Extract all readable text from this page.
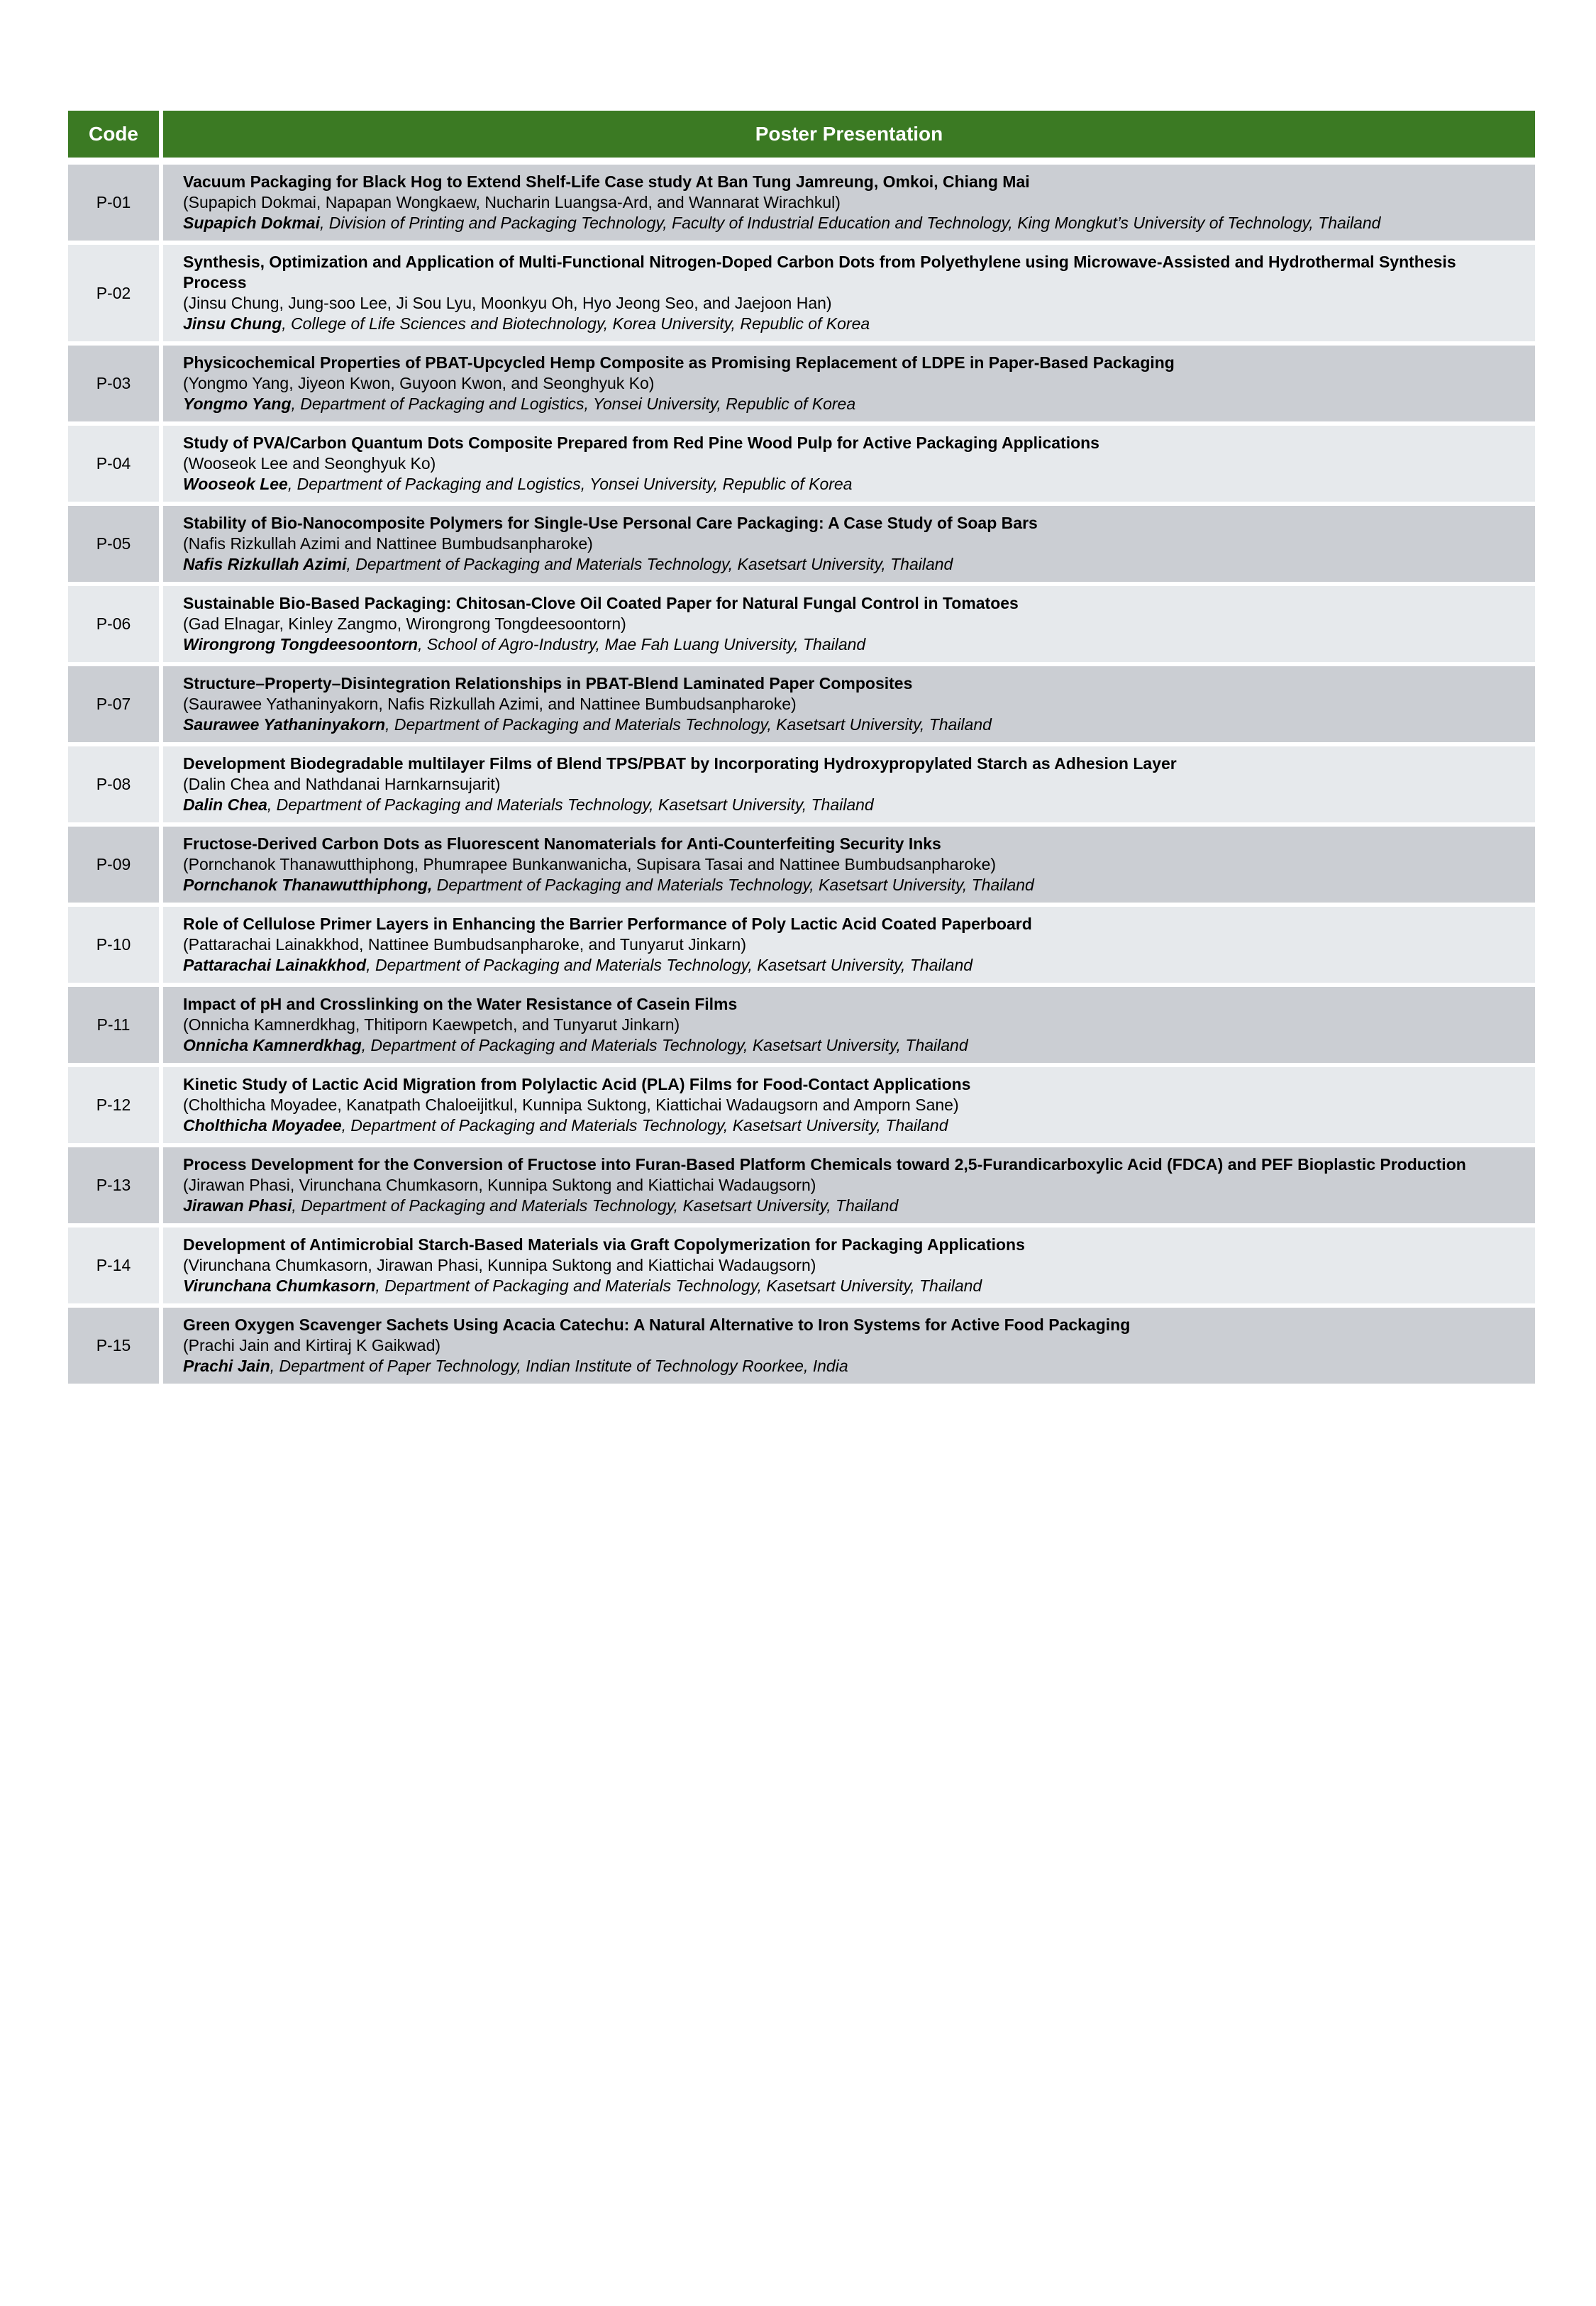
Code	Poster Presentation
P-01	Vacuum Packaging for Black Hog to Extend Shelf-Life Case study At Ban Tung Jamreung, Omkoi, Chiang Mai
(Supapich Dokmai, Napapan Wongkaew, Nucharin Luangsa-Ard, and Wannarat Wirachkul)
Supapich Dokmai, Division of Printing and Packaging Technology, Faculty of Industrial Education and Technology, King Mongkut’s University of Technology, Thailand

P-02	Synthesis, Optimization and Application of Multi-Functional Nitrogen-Doped Carbon Dots from Polyethylene using Microwave-Assisted and Hydrothermal Synthesis Process
(Jinsu Chung, Jung-soo Lee, Ji Sou Lyu, Moonkyu Oh, Hyo Jeong Seo, and Jaejoon Han)
Jinsu Chung, College of Life Sciences and Biotechnology, Korea University, Republic of Korea

P-03	Physicochemical Properties of PBAT-Upcycled Hemp Composite as Promising Replacement of LDPE in Paper-Based Packaging
(Yongmo Yang, Jiyeon Kwon, Guyoon Kwon, and Seonghyuk Ko)
Yongmo Yang, Department of Packaging and Logistics, Yonsei University, Republic of Korea

P-04	Study of PVA/Carbon Quantum Dots Composite Prepared from Red Pine Wood Pulp for Active Packaging Applications
(Wooseok Lee and Seonghyuk Ko)
Wooseok Lee, Department of Packaging and Logistics, Yonsei University, Republic of Korea

P-05	Stability of Bio-Nanocomposite Polymers for Single-Use Personal Care Packaging: A Case Study of Soap Bars
(Nafis Rizkullah Azimi and Nattinee Bumbudsanpharoke)
Nafis Rizkullah Azimi, Department of Packaging and Materials Technology, Kasetsart University, Thailand

P-06	Sustainable Bio-Based Packaging: Chitosan-Clove Oil Coated Paper for Natural Fungal Control in Tomatoes
(Gad Elnagar, Kinley Zangmo, Wirongrong Tongdeesoontorn)
Wirongrong Tongdeesoontorn, School of Agro-Industry, Mae Fah Luang University, Thailand

P-07	Structure–Property–Disintegration Relationships in PBAT-Blend Laminated Paper Composites
(Saurawee Yathaninyakorn, Nafis Rizkullah Azimi, and Nattinee Bumbudsanpharoke)
Saurawee Yathaninyakorn, Department of Packaging and Materials Technology, Kasetsart University, Thailand

P-08	Development Biodegradable multilayer Films of Blend TPS/PBAT by Incorporating Hydroxypropylated Starch as Adhesion Layer
(Dalin Chea and Nathdanai Harnkarnsujarit)
Dalin Chea, Department of Packaging and Materials Technology, Kasetsart University, Thailand

P-09	Fructose-Derived Carbon Dots as Fluorescent Nanomaterials for Anti-Counterfeiting Security Inks
(Pornchanok Thanawutthiphong, Phumrapee Bunkanwanicha, Supisara Tasai and Nattinee Bumbudsanpharoke)
Pornchanok Thanawutthiphong, Department of Packaging and Materials Technology, Kasetsart University, Thailand

P-10	Role of Cellulose Primer Layers in Enhancing the Barrier Performance of Poly Lactic Acid Coated Paperboard
(Pattarachai Lainakkhod, Nattinee Bumbudsanpharoke, and Tunyarut Jinkarn)
Pattarachai Lainakkhod, Department of Packaging and Materials Technology, Kasetsart University, Thailand

P-11	Impact of pH and Crosslinking on the Water Resistance of Casein Films
(Onnicha Kamnerdkhag, Thitiporn Kaewpetch, and Tunyarut Jinkarn)
Onnicha Kamnerdkhag, Department of Packaging and Materials Technology, Kasetsart University, Thailand

P-12	Kinetic Study of Lactic Acid Migration from Polylactic Acid (PLA) Films for Food-Contact Applications
(Cholthicha Moyadee, Kanatpath Chaloeijitkul, Kunnipa Suktong, Kiattichai Wadaugsorn and Amporn Sane)
Cholthicha Moyadee, Department of Packaging and Materials Technology, Kasetsart University, Thailand

P-13	Process Development for the Conversion of Fructose into Furan-Based Platform Chemicals toward 2,5-Furandicarboxylic Acid (FDCA) and PEF Bioplastic Production
(Jirawan Phasi, Virunchana Chumkasorn, Kunnipa Suktong and Kiattichai Wadaugsorn)
Jirawan Phasi, Department of Packaging and Materials Technology, Kasetsart University, Thailand

P-14	Development of Antimicrobial Starch-Based Materials via Graft Copolymerization for Packaging Applications
(Virunchana Chumkasorn, Jirawan Phasi, Kunnipa Suktong and Kiattichai Wadaugsorn)
Virunchana Chumkasorn, Department of Packaging and Materials Technology, Kasetsart University, Thailand

P-15	Green Oxygen Scavenger Sachets Using Acacia Catechu: A Natural Alternative to Iron Systems for Active Food Packaging
(Prachi Jain and Kirtiraj K Gaikwad)
Prachi Jain, Department of Paper Technology, Indian Institute of Technology Roorkee, India
